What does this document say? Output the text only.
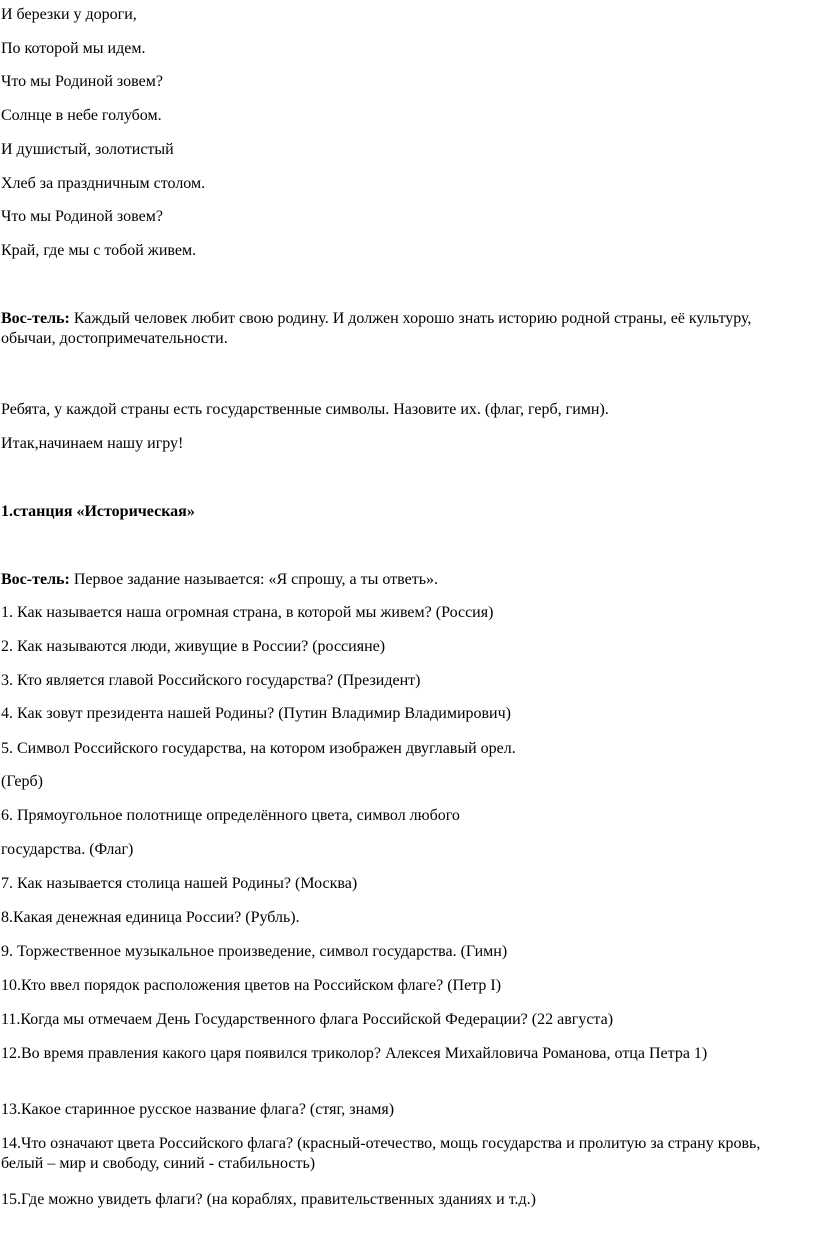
И березки у дороги,
По которой мы идем.
Что мы Родиной зовем?
Солнце в небе голубом.
И душистый, золотистый
Хлеб за праздничным столом.
Что мы Родиной зовем?
Край, где мы с тобой живем.
Вос-тель: Каждый человек любит свою родину. И должен хорошо знать историю родной страны, её культуру, обычаи, достопримечательности.
Ребята, у каждой страны есть государственные символы. Назовите их. (флаг, герб, гимн).
Итак,начинаем нашу игру!
1.станция «Историческая»
Вос-тель: Первое задание называется: «Я спрошу, а ты ответь».
1. Как называется наша огромная страна, в которой мы живем? (Россия)
2. Как называются люди, живущие в России? (россияне)
3. Кто является главой Российского государства? (Президент)
4. Как зовут президента нашей Родины? (Путин Владимир Владимирович)
5. Символ Российского государства, на котором изображен двуглавый орел.
(Герб)
6. Прямоугольное полотнище определённого цвета, символ любого
государства. (Флаг)
7. Как называется столица нашей Родины? (Москва)
8.Какая денежная единица России? (Рубль).
9. Торжественное музыкальное произведение, символ государства. (Гимн)
10.Кто ввел порядок расположения цветов на Российском флаге? (Петр I)
11.Когда мы отмечаем День Государственного флага Российской Федерации? (22 августа)
12.Во время правления какого царя появился триколор? Алексея Михайловича Романова, отца Петра 1)
13.Какое старинное русское название флага? (стяг, знамя)
14.Что означают цвета Российского флага? (красный-отечество, мощь государства и пролитую за страну кровь, белый – мир и свободу, синий - стабильность)
15.Где можно увидеть флаги? (на кораблях, правительственных зданиях и т.д.)
